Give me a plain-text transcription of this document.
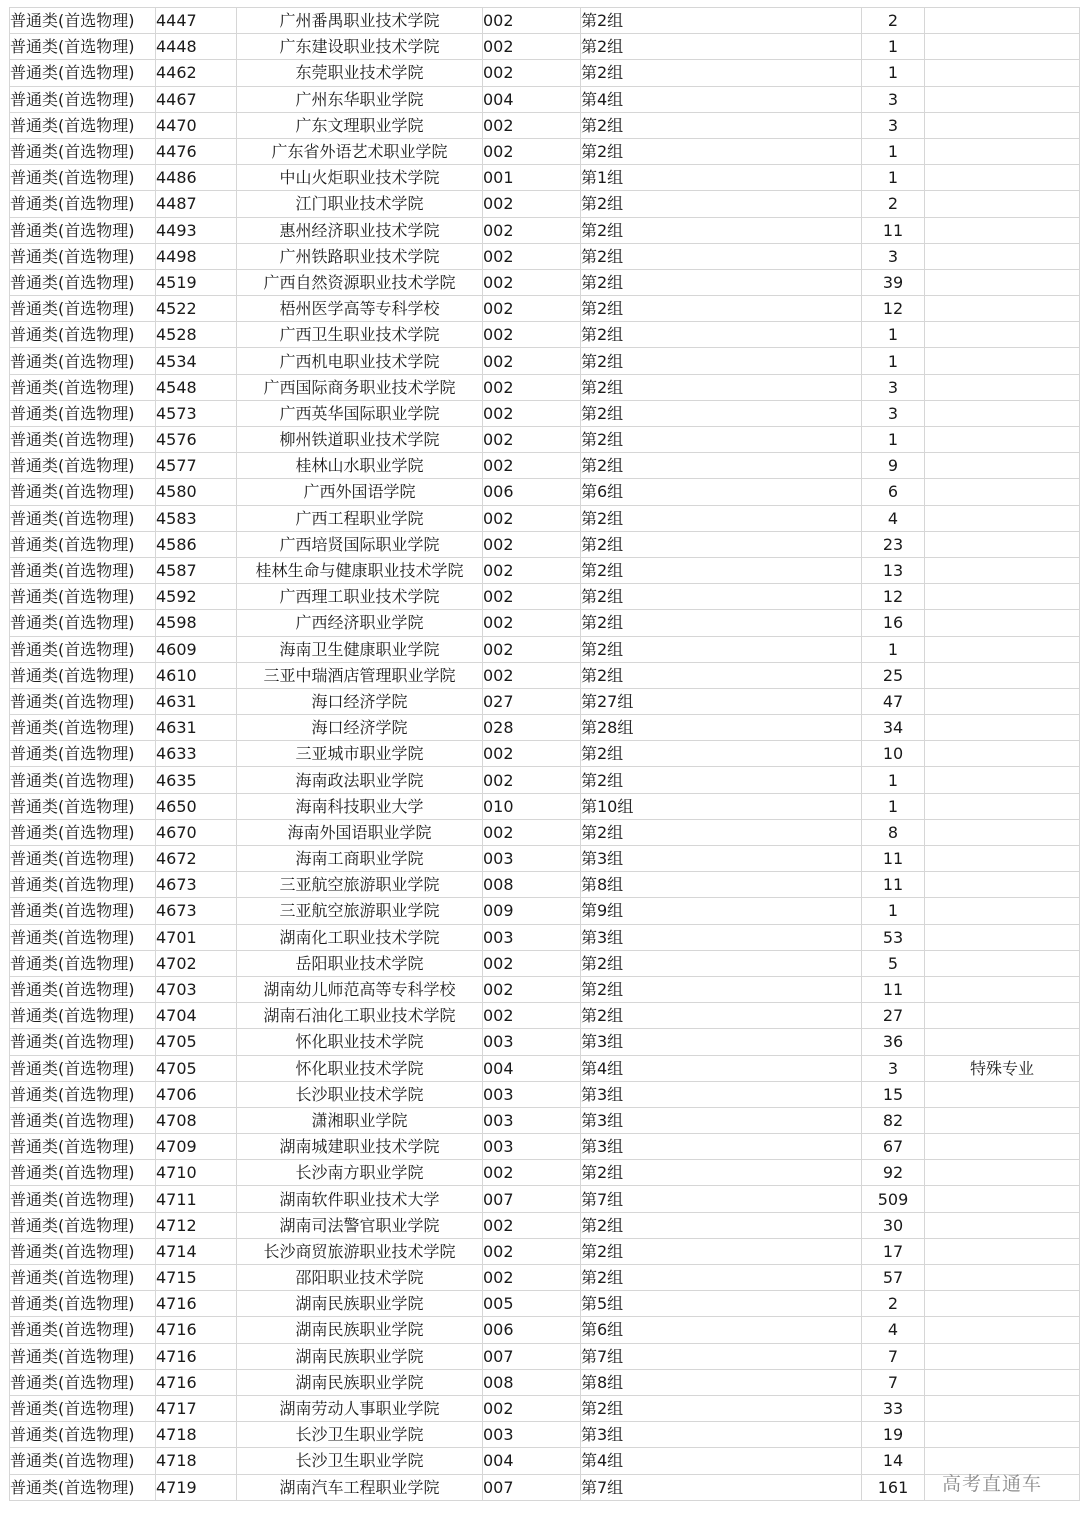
普通类(首选物理)	4447	广州番禺职业技术学院	002	第2组	2	
普通类(首选物理)	4448	广东建设职业技术学院	002	第2组	1	
普通类(首选物理)	4462	东莞职业技术学院	002	第2组	1	
普通类(首选物理)	4467	广州东华职业学院	004	第4组	3	
普通类(首选物理)	4470	广东文理职业学院	002	第2组	3	
普通类(首选物理)	4476	广东省外语艺术职业学院	002	第2组	1	
普通类(首选物理)	4486	中山火炬职业技术学院	001	第1组	1	
普通类(首选物理)	4487	江门职业技术学院	002	第2组	2	
普通类(首选物理)	4493	惠州经济职业技术学院	002	第2组	11	
普通类(首选物理)	4498	广州铁路职业技术学院	002	第2组	3	
普通类(首选物理)	4519	广西自然资源职业技术学院	002	第2组	39	
普通类(首选物理)	4522	梧州医学高等专科学校	002	第2组	12	
普通类(首选物理)	4528	广西卫生职业技术学院	002	第2组	1	
普通类(首选物理)	4534	广西机电职业技术学院	002	第2组	1	
普通类(首选物理)	4548	广西国际商务职业技术学院	002	第2组	3	
普通类(首选物理)	4573	广西英华国际职业学院	002	第2组	3	
普通类(首选物理)	4576	柳州铁道职业技术学院	002	第2组	1	
普通类(首选物理)	4577	桂林山水职业学院	002	第2组	9	
普通类(首选物理)	4580	广西外国语学院	006	第6组	6	
普通类(首选物理)	4583	广西工程职业学院	002	第2组	4	
普通类(首选物理)	4586	广西培贤国际职业学院	002	第2组	23	
普通类(首选物理)	4587	桂林生命与健康职业技术学院	002	第2组	13	
普通类(首选物理)	4592	广西理工职业技术学院	002	第2组	12	
普通类(首选物理)	4598	广西经济职业学院	002	第2组	16	
普通类(首选物理)	4609	海南卫生健康职业学院	002	第2组	1	
普通类(首选物理)	4610	三亚中瑞酒店管理职业学院	002	第2组	25	
普通类(首选物理)	4631	海口经济学院	027	第27组	47	
普通类(首选物理)	4631	海口经济学院	028	第28组	34	
普通类(首选物理)	4633	三亚城市职业学院	002	第2组	10	
普通类(首选物理)	4635	海南政法职业学院	002	第2组	1	
普通类(首选物理)	4650	海南科技职业大学	010	第10组	1	
普通类(首选物理)	4670	海南外国语职业学院	002	第2组	8	
普通类(首选物理)	4672	海南工商职业学院	003	第3组	11	
普通类(首选物理)	4673	三亚航空旅游职业学院	008	第8组	11	
普通类(首选物理)	4673	三亚航空旅游职业学院	009	第9组	1	
普通类(首选物理)	4701	湖南化工职业技术学院	003	第3组	53	
普通类(首选物理)	4702	岳阳职业技术学院	002	第2组	5	
普通类(首选物理)	4703	湖南幼儿师范高等专科学校	002	第2组	11	
普通类(首选物理)	4704	湖南石油化工职业技术学院	002	第2组	27	
普通类(首选物理)	4705	怀化职业技术学院	003	第3组	36	
普通类(首选物理)	4705	怀化职业技术学院	004	第4组	3	特殊专业
普通类(首选物理)	4706	长沙职业技术学院	003	第3组	15	
普通类(首选物理)	4708	潇湘职业学院	003	第3组	82	
普通类(首选物理)	4709	湖南城建职业技术学院	003	第3组	67	
普通类(首选物理)	4710	长沙南方职业学院	002	第2组	92	
普通类(首选物理)	4711	湖南软件职业技术大学	007	第7组	509	
普通类(首选物理)	4712	湖南司法警官职业学院	002	第2组	30	
普通类(首选物理)	4714	长沙商贸旅游职业技术学院	002	第2组	17	
普通类(首选物理)	4715	邵阳职业技术学院	002	第2组	57	
普通类(首选物理)	4716	湖南民族职业学院	005	第5组	2	
普通类(首选物理)	4716	湖南民族职业学院	006	第6组	4	
普通类(首选物理)	4716	湖南民族职业学院	007	第7组	7	
普通类(首选物理)	4716	湖南民族职业学院	008	第8组	7	
普通类(首选物理)	4717	湖南劳动人事职业学院	002	第2组	33	
普通类(首选物理)	4718	长沙卫生职业学院	003	第3组	19	
普通类(首选物理)	4718	长沙卫生职业学院	004	第4组	14	
普通类(首选物理)	4719	湖南汽车工程职业学院	007	第7组	161	高考直通车
